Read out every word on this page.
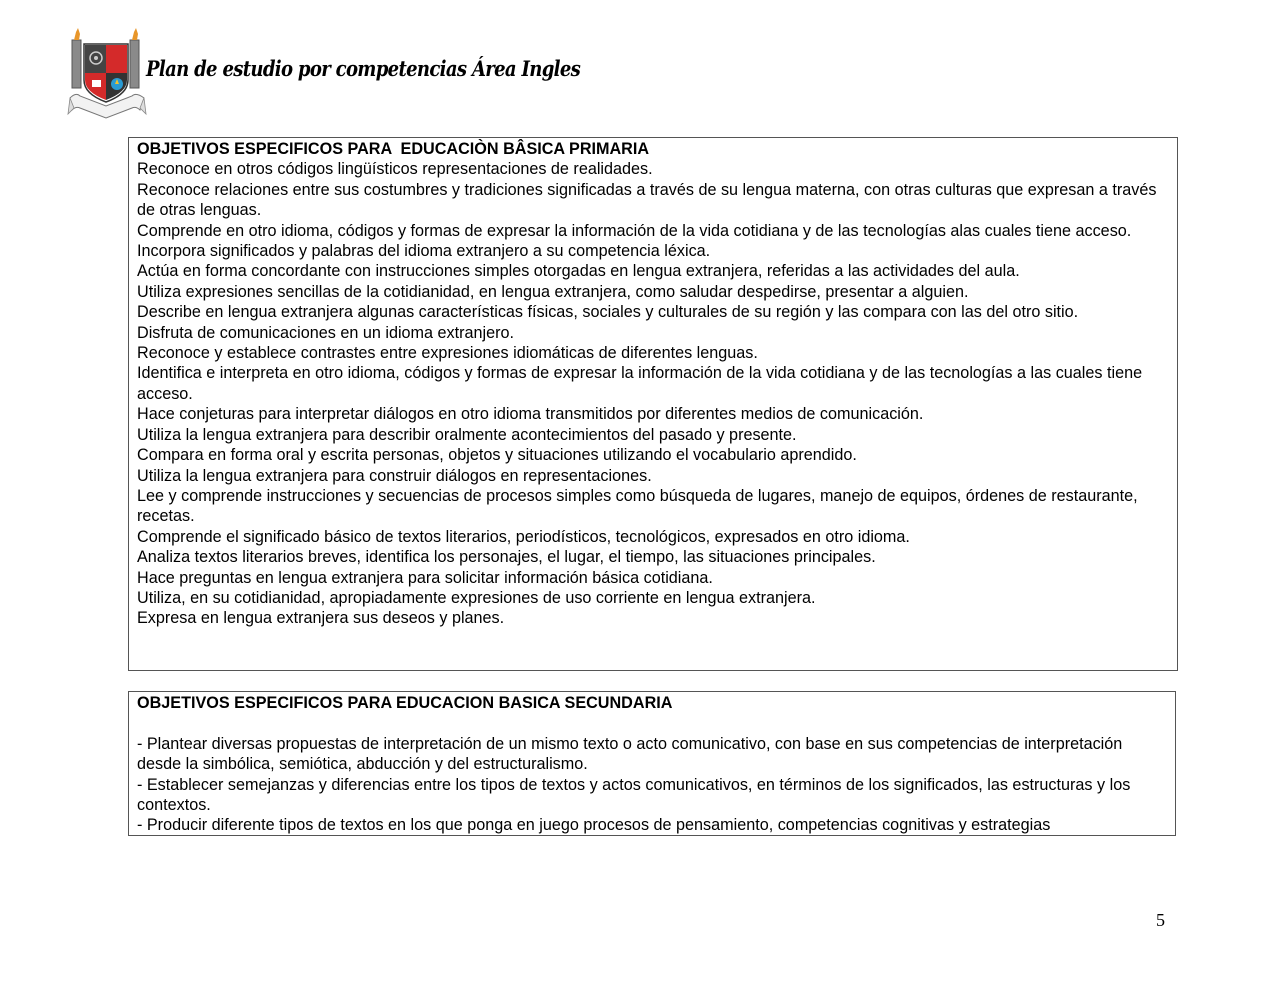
Plan de estudio por competencias Área Ingles
OBJETIVOS ESPECIFICOS PARA  EDUCACIÒN BÂSICA PRIMARIA
Reconoce en otros códigos lingüísticos representaciones de realidades.
Reconoce relaciones entre sus costumbres y tradiciones significadas a través de su lengua materna, con otras culturas que expresan a través de otras lenguas.
Comprende en otro idioma, códigos y formas de expresar la información de la vida cotidiana y de las tecnologías alas cuales tiene acceso.
Incorpora significados y palabras del idioma extranjero a su competencia léxica.
Actúa en forma concordante con instrucciones simples otorgadas en lengua extranjera, referidas a las actividades del aula.
Utiliza expresiones sencillas de la cotidianidad, en lengua extranjera, como saludar despedirse, presentar a alguien.
Describe en lengua extranjera algunas características físicas, sociales y culturales de su región y las compara con las del otro sitio.
Disfruta de comunicaciones en un idioma extranjero.
Reconoce y establece contrastes entre expresiones idiomáticas de diferentes lenguas.
Identifica e interpreta en otro idioma, códigos y formas de expresar la información de la vida cotidiana y de las tecnologías a las cuales tiene acceso.
Hace conjeturas para interpretar diálogos en otro idioma transmitidos por diferentes medios de comunicación.
Utiliza la lengua extranjera para describir oralmente acontecimientos del pasado y presente.
Compara en forma oral y escrita personas, objetos y situaciones utilizando el vocabulario aprendido.
Utiliza la lengua extranjera para construir diálogos en representaciones.
Lee y comprende instrucciones y secuencias de procesos simples como búsqueda de lugares, manejo de equipos, órdenes de restaurante, recetas.
Comprende el significado básico de textos literarios, periodísticos, tecnológicos, expresados en otro idioma.
Analiza textos literarios breves, identifica los personajes, el lugar, el tiempo, las situaciones principales.
Hace preguntas en lengua extranjera para solicitar información básica cotidiana.
Utiliza, en su cotidianidad, apropiadamente expresiones de uso corriente en lengua extranjera.
Expresa en lengua extranjera sus deseos y planes.
OBJETIVOS ESPECIFICOS PARA EDUCACION BASICA SECUNDARIA
- Plantear diversas propuestas de interpretación de un mismo texto o acto comunicativo, con base en sus competencias de interpretación desde la simbólica, semiótica, abducción y del estructuralismo.
- Establecer semejanzas y diferencias entre los tipos de textos y actos comunicativos, en términos de los significados, las estructuras y los contextos.
- Producir diferente tipos de textos en los que ponga en juego procesos de pensamiento, competencias cognitivas y estrategias
5
